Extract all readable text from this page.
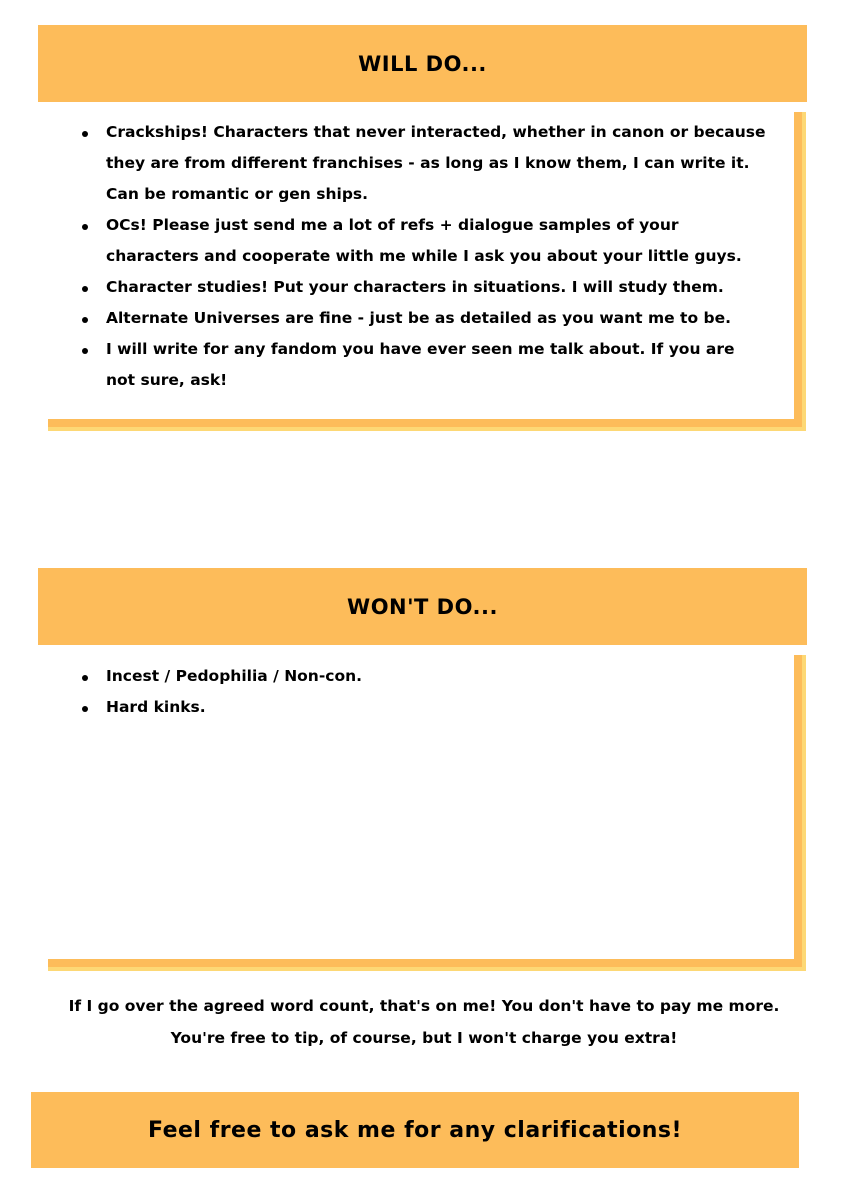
WILL DO...
Crackships! Characters that never interacted, whether in canon or because they are from different franchises - as long as I know them, I can write it. Can be romantic or gen ships.
OCs! Please just send me a lot of refs + dialogue samples of your characters and cooperate with me while I ask you about your little guys.
Character studies! Put your characters in situations. I will study them.
Alternate Universes are fine - just be as detailed as you want me to be.
I will write for any fandom you have ever seen me talk about. If you are not sure, ask!
WON'T DO...
Incest / Pedophilia / Non-con.
Hard kinks.
If I go over the agreed word count, that's on me! You don't have to pay me more.
You're free to tip, of course, but I won't charge you extra!
Feel free to ask me for any clarifications!
